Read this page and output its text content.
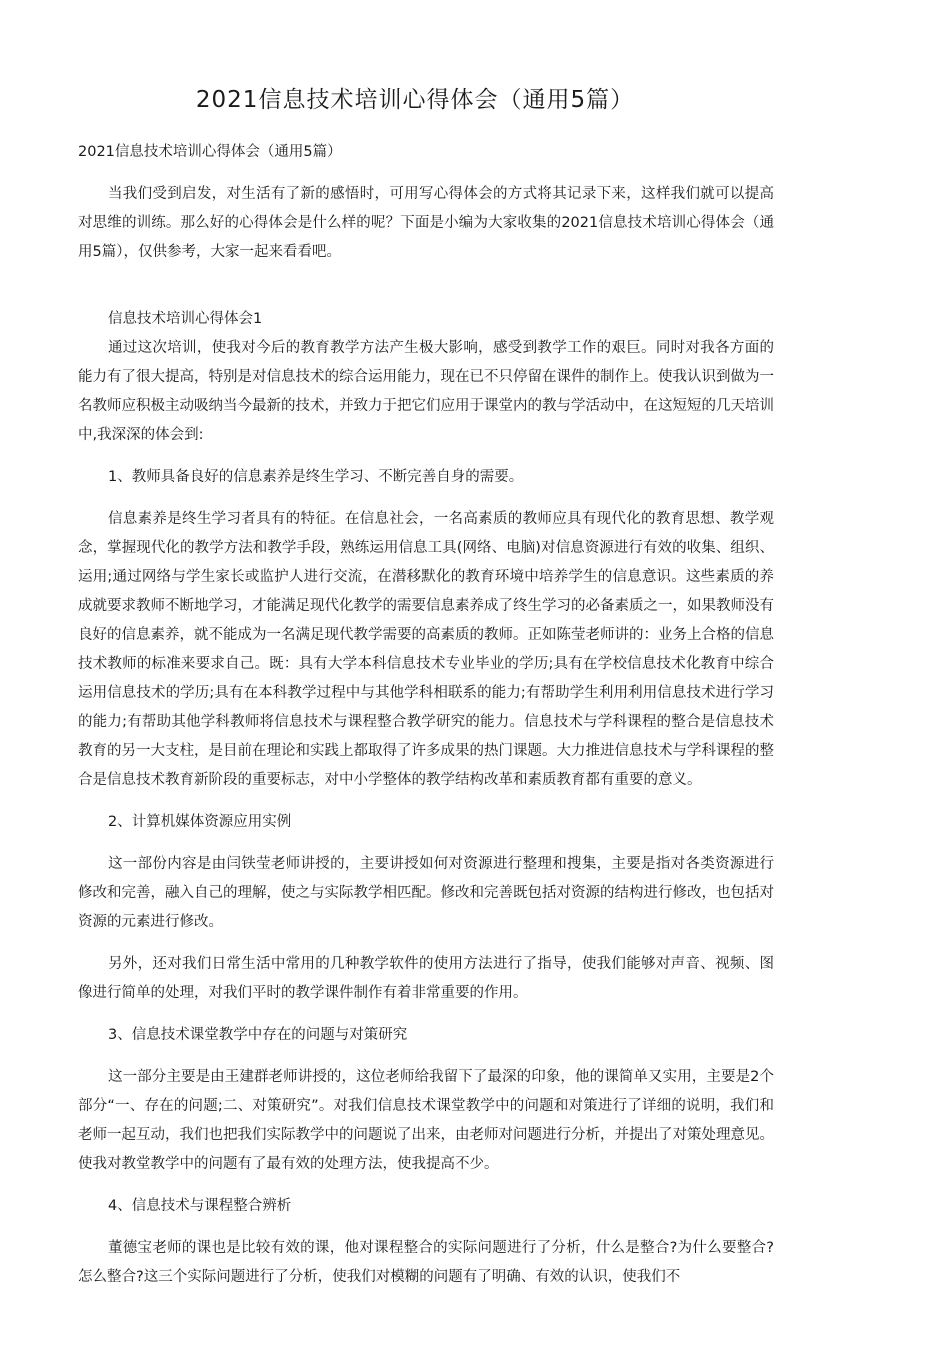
2021信息技术培训心得体会（通用5篇）

2021信息技术培训心得体会（通用5篇）

当我们受到启发，对生活有了新的感悟时，可用写心得体会的方式将其记录下来，这样我们就可以提高对思维的训练。那么好的心得体会是什么样的呢？下面是小编为大家收集的2021信息技术培训心得体会（通用5篇），仅供参考，大家一起来看看吧。

信息技术培训心得体会1

通过这次培训，使我对今后的教育教学方法产生极大影响，感受到教学工作的艰巨。同时对我各方面的能力有了很大提高，特别是对信息技术的综合运用能力，现在已不只停留在课件的制作上。使我认识到做为一名教师应积极主动吸纳当今最新的技术，并致力于把它们应用于课堂内的教与学活动中，在这短短的几天培训中,我深深的体会到:

1、教师具备良好的信息素养是终生学习、不断完善自身的需要。

信息素养是终生学习者具有的特征。在信息社会，一名高素质的教师应具有现代化的教育思想、教学观念，掌握现代化的教学方法和教学手段，熟练运用信息工具(网络、电脑)对信息资源进行有效的收集、组织、运用;通过网络与学生家长或监护人进行交流，在潜移默化的教育环境中培养学生的信息意识。这些素质的养成就要求教师不断地学习，才能满足现代化教学的需要信息素养成了终生学习的必备素质之一，如果教师没有良好的信息素养，就不能成为一名满足现代教学需要的高素质的教师。正如陈莹老师讲的：业务上合格的信息技术教师的标准来要求自己。既：具有大学本科信息技术专业毕业的学历;具有在学校信息技术化教育中综合运用信息技术的学历;具有在本科教学过程中与其他学科相联系的能力;有帮助学生利用利用信息技术进行学习的能力;有帮助其他学科教师将信息技术与课程整合教学研究的能力。信息技术与学科课程的整合是信息技术教育的另一大支柱，是目前在理论和实践上都取得了许多成果的热门课题。大力推进信息技术与学科课程的整合是信息技术教育新阶段的重要标志，对中小学整体的教学结构改革和素质教育都有重要的意义。

2、计算机媒体资源应用实例

这一部份内容是由闫铁莹老师讲授的，主要讲授如何对资源进行整理和搜集，主要是指对各类资源进行修改和完善，融入自己的理解，使之与实际教学相匹配。修改和完善既包括对资源的结构进行修改，也包括对资源的元素进行修改。

另外，还对我们日常生活中常用的几种教学软件的使用方法进行了指导，使我们能够对声音、视频、图像进行简单的处理，对我们平时的教学课件制作有着非常重要的作用。

3、信息技术课堂教学中存在的问题与对策研究

这一部分主要是由王建群老师讲授的，这位老师给我留下了最深的印象，他的课简单又实用，主要是2个部分“一、存在的问题;二、对策研究”。对我们信息技术课堂教学中的问题和对策进行了详细的说明，我们和老师一起互动，我们也把我们实际教学中的问题说了出来，由老师对问题进行分析，并提出了对策处理意见。使我对教堂教学中的问题有了最有效的处理方法，使我提高不少。

4、信息技术与课程整合辨析

董德宝老师的课也是比较有效的课，他对课程整合的实际问题进行了分析，什么是整合?为什么要整合?怎么整合?这三个实际问题进行了分析，使我们对模糊的问题有了明确、有效的认识，使我们不
